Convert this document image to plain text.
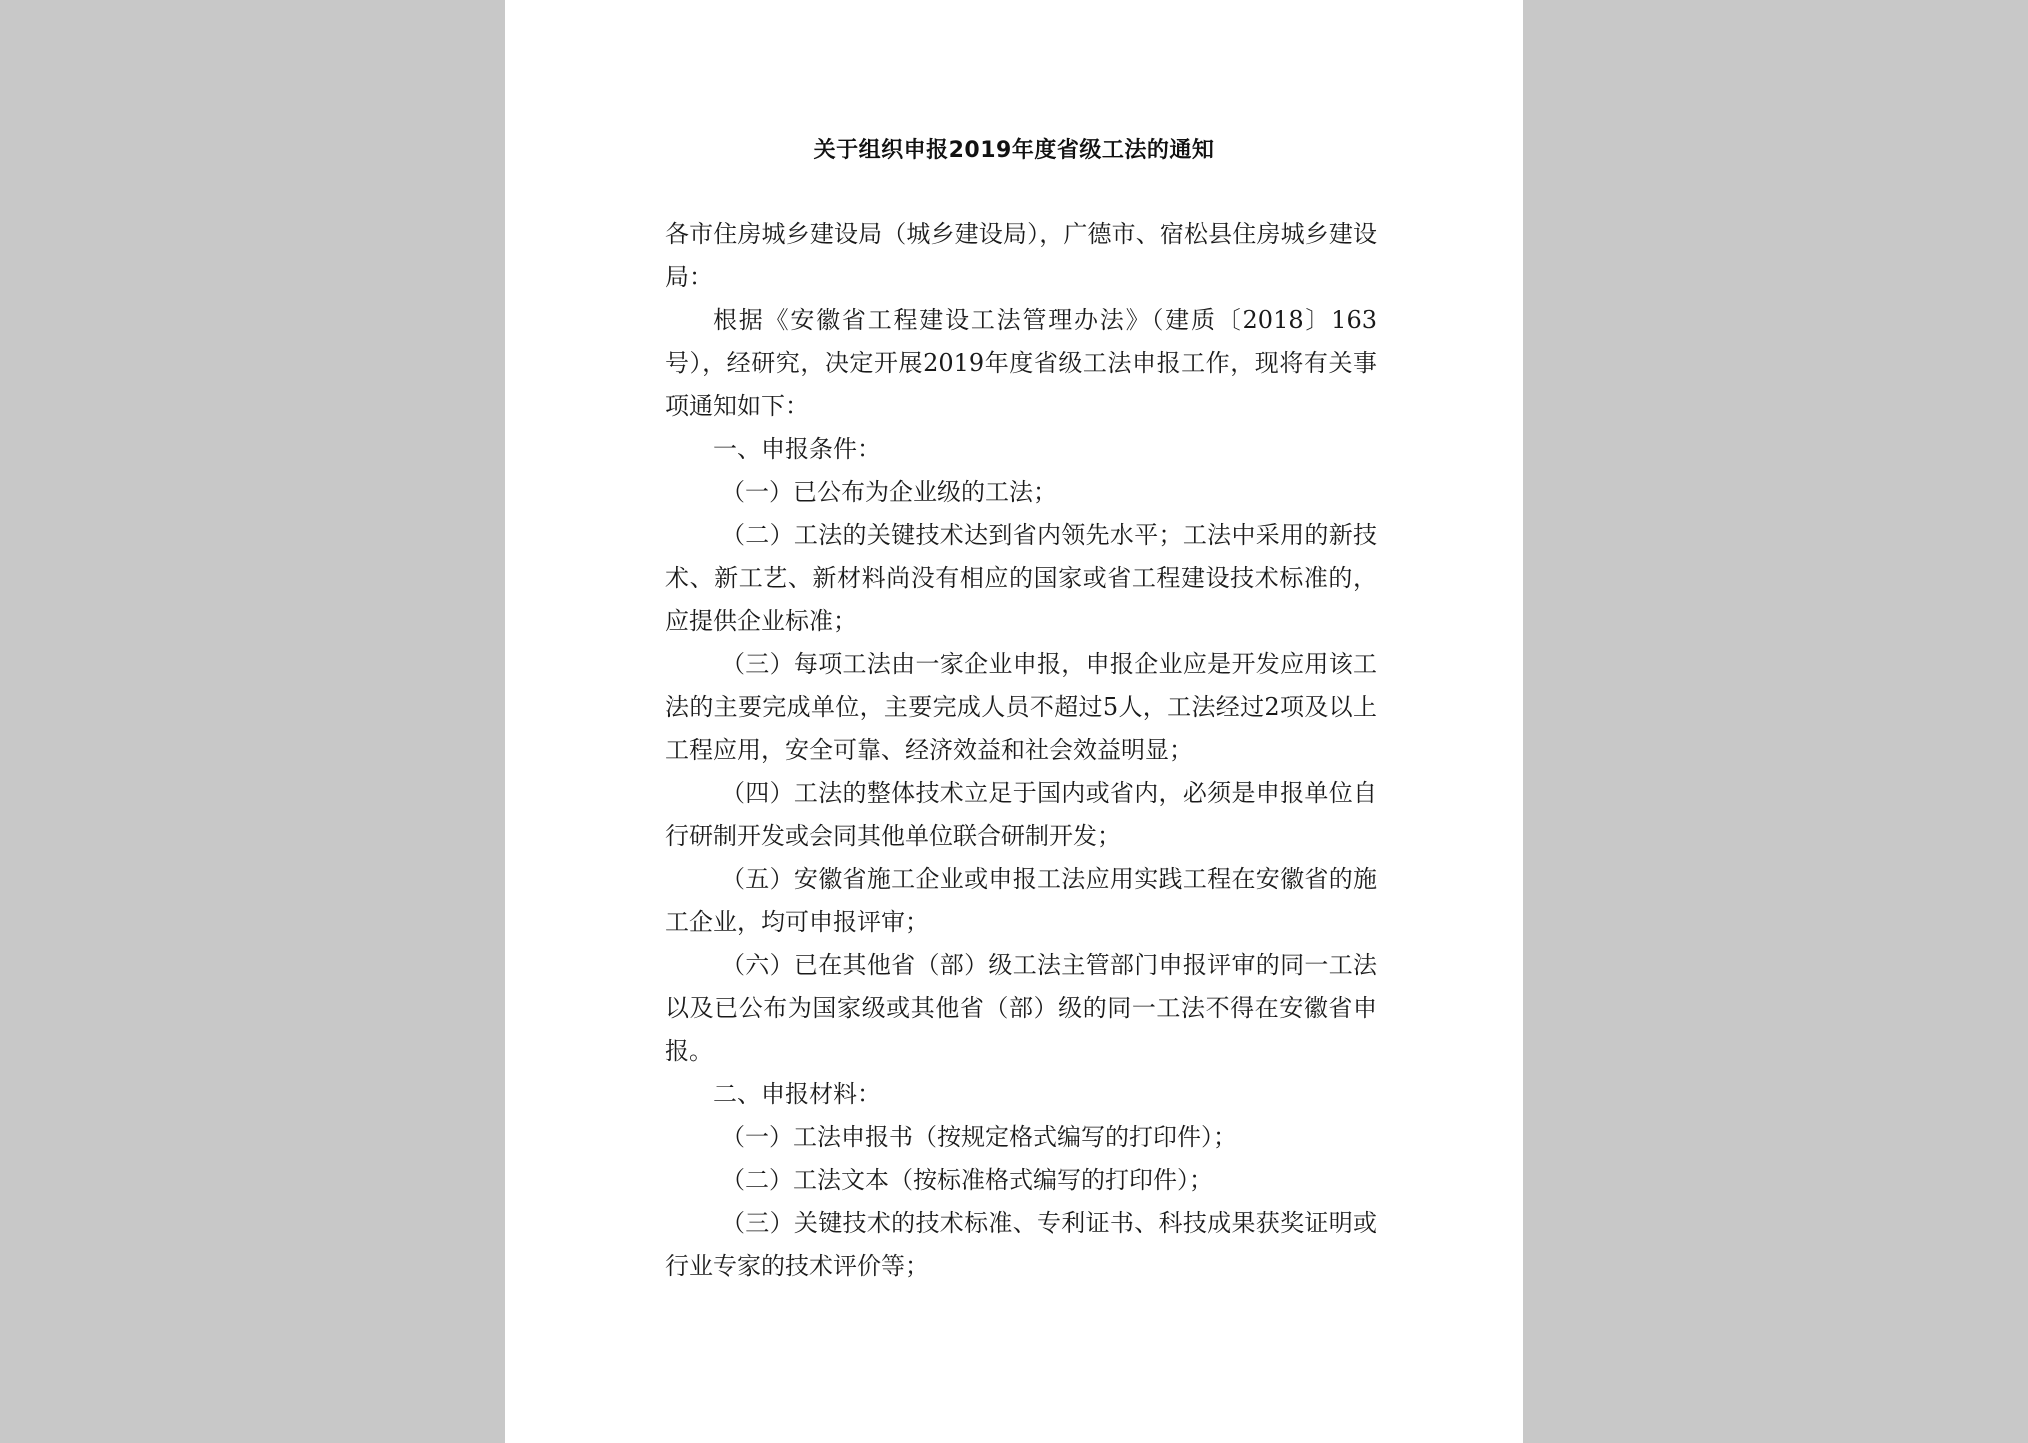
关于组织申报2019年度省级工法的通知

各市住房城乡建设局（城乡建设局），广德市、宿松县住房城乡建设局：

根据《安徽省工程建设工法管理办法》（建质〔2018〕163号），经研究，决定开展2019年度省级工法申报工作，现将有关事项通知如下：

一、申报条件：

（一）已公布为企业级的工法；

（二）工法的关键技术达到省内领先水平；工法中采用的新技术、新工艺、新材料尚没有相应的国家或省工程建设技术标准的，应提供企业标准；

（三）每项工法由一家企业申报，申报企业应是开发应用该工法的主要完成单位，主要完成人员不超过5人，工法经过2项及以上工程应用，安全可靠、经济效益和社会效益明显；

（四）工法的整体技术立足于国内或省内，必须是申报单位自行研制开发或会同其他单位联合研制开发；

（五）安徽省施工企业或申报工法应用实践工程在安徽省的施工企业，均可申报评审；

（六）已在其他省（部）级工法主管部门申报评审的同一工法以及已公布为国家级或其他省（部）级的同一工法不得在安徽省申报。

二、申报材料：

（一）工法申报书（按规定格式编写的打印件）；

（二）工法文本（按标准格式编写的打印件）；

（三）关键技术的技术标准、专利证书、科技成果获奖证明或行业专家的技术评价等；
